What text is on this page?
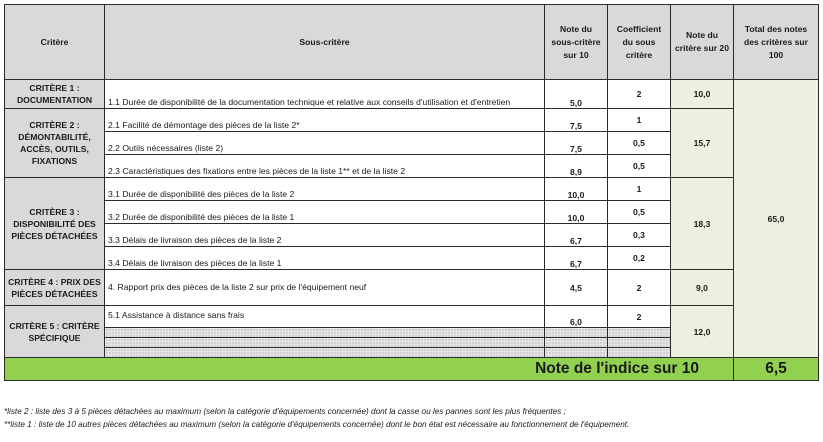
Critère	Sous-critère	Note du sous-critère sur 10	Coefficient du sous critère	Note du critère sur 20	Total des notes des critères sur 100
CRITÈRE 1 : DOCUMENTATION	1.1 Durée de disponibilité de la documentation technique et relative aux conseils d'utilisation et d'entretien	5,0	2	10,0	65,0
CRITÈRE 2 : DÉMONTABILITÉ, ACCÈS, OUTILS, FIXATIONS	2.1 Facilité de démontage des pièces de la liste 2*	7,5	1	15,7	
	2.2 Outils nécessaires (liste 2)	7,5	0,5		
	2.3 Caractéristiques des fixations entre les pièces de la liste 1** et de la liste 2	8,9	0,5		
CRITÈRE 3 : DISPONIBILITÉ DES PIÈCES DÉTACHÉES	3.1 Durée de disponibilité des pièces de la liste 2	10,0	1	18,3	
	3.2 Durée de disponibilité des pièces de la liste 1	10,0	0,5		
	3.3 Délais de livraison des pièces de la liste 2	6,7	0,3		
	3.4 Délais de livraison des pièces de la liste 1	6,7	0,2		
CRITÈRE 4 : PRIX DES PIÈCES DÉTACHÉES	4. Rapport prix des pièces de la liste 2 sur prix de l'équipement neuf	4,5	2	9,0	
CRITÈRE 5 : CRITÈRE SPÉCIFIQUE	5.1 Assistance à distance sans frais	6,0	2	12,0	

Note de l'indice sur 10					6,5
*liste 2 : liste des 3 à 5 pièces détachées au maximum (selon la catégorie d'équipements concernée) dont la casse ou les pannes sont les plus fréquentes ;
**liste 1 : liste de 10 autres pièces détachées au maximum (selon la catégorie d'équipements concernée) dont le bon état est nécessaire au fonctionnement de l'équipement.
